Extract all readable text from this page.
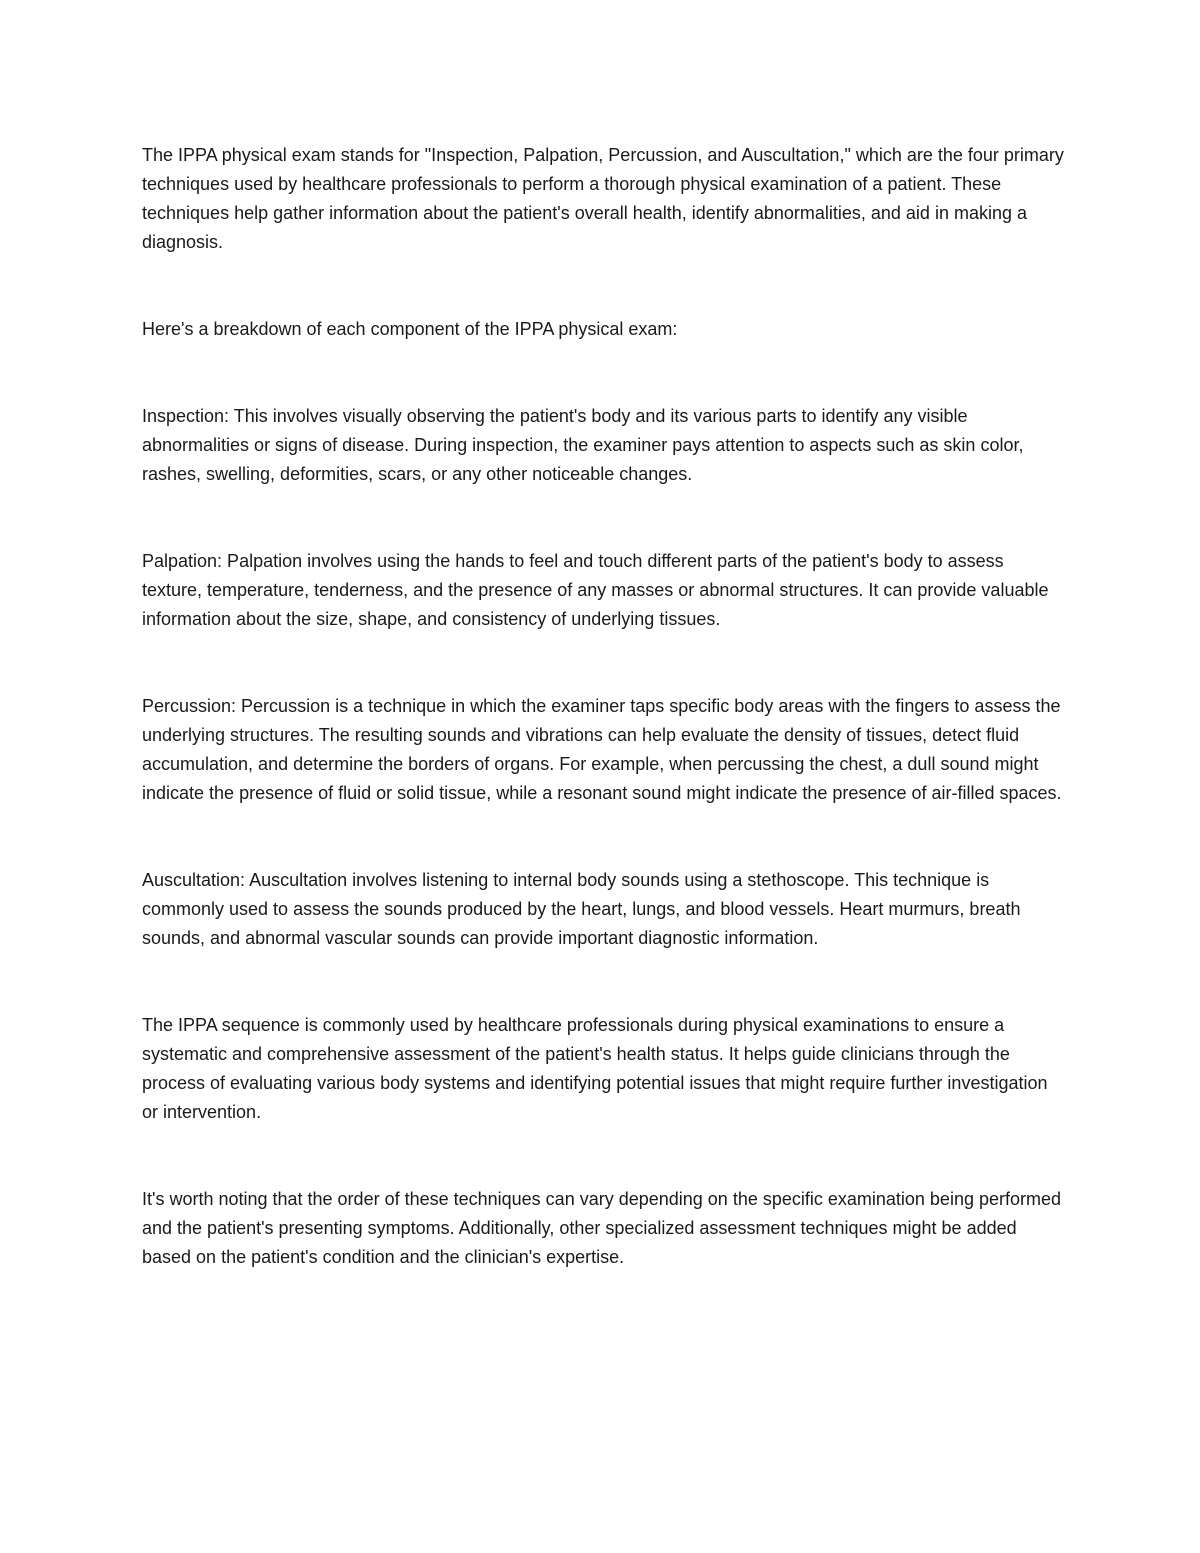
The IPPA physical exam stands for "Inspection, Palpation, Percussion, and Auscultation," which are the four primary techniques used by healthcare professionals to perform a thorough physical examination of a patient. These techniques help gather information about the patient's overall health, identify abnormalities, and aid in making a diagnosis.

Here's a breakdown of each component of the IPPA physical exam:

Inspection: This involves visually observing the patient's body and its various parts to identify any visible abnormalities or signs of disease. During inspection, the examiner pays attention to aspects such as skin color, rashes, swelling, deformities, scars, or any other noticeable changes.

Palpation: Palpation involves using the hands to feel and touch different parts of the patient's body to assess texture, temperature, tenderness, and the presence of any masses or abnormal structures. It can provide valuable information about the size, shape, and consistency of underlying tissues.

Percussion: Percussion is a technique in which the examiner taps specific body areas with the fingers to assess the underlying structures. The resulting sounds and vibrations can help evaluate the density of tissues, detect fluid accumulation, and determine the borders of organs. For example, when percussing the chest, a dull sound might indicate the presence of fluid or solid tissue, while a resonant sound might indicate the presence of air-filled spaces.

Auscultation: Auscultation involves listening to internal body sounds using a stethoscope. This technique is commonly used to assess the sounds produced by the heart, lungs, and blood vessels. Heart murmurs, breath sounds, and abnormal vascular sounds can provide important diagnostic information.

The IPPA sequence is commonly used by healthcare professionals during physical examinations to ensure a systematic and comprehensive assessment of the patient's health status. It helps guide clinicians through the process of evaluating various body systems and identifying potential issues that might require further investigation or intervention.

It's worth noting that the order of these techniques can vary depending on the specific examination being performed and the patient's presenting symptoms. Additionally, other specialized assessment techniques might be added based on the patient's condition and the clinician's expertise.
